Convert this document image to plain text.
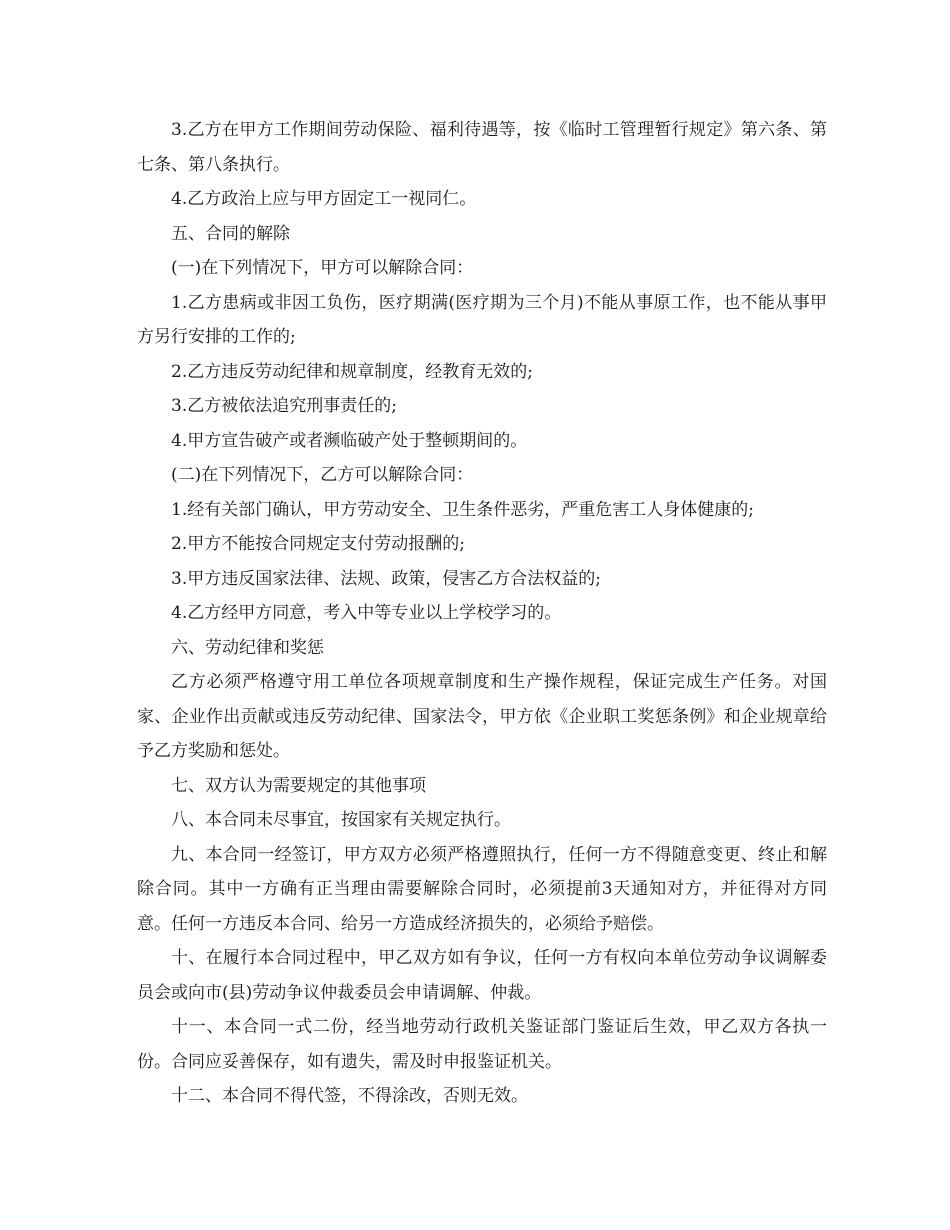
3.乙方在甲方工作期间劳动保险、福利待遇等，按《临时工管理暂行规定》第六条、第七条、第八条执行。

4.乙方政治上应与甲方固定工一视同仁。

五、合同的解除

(一)在下列情况下，甲方可以解除合同：

1.乙方患病或非因工负伤，医疗期满(医疗期为三个月)不能从事原工作，也不能从事甲方另行安排的工作的;

2.乙方违反劳动纪律和规章制度，经教育无效的;

3.乙方被依法追究刑事责任的;

4.甲方宣告破产或者濒临破产处于整顿期间的。

(二)在下列情况下，乙方可以解除合同：

1.经有关部门确认，甲方劳动安全、卫生条件恶劣，严重危害工人身体健康的;

2.甲方不能按合同规定支付劳动报酬的;

3.甲方违反国家法律、法规、政策，侵害乙方合法权益的;

4.乙方经甲方同意，考入中等专业以上学校学习的。

六、劳动纪律和奖惩

乙方必须严格遵守用工单位各项规章制度和生产操作规程，保证完成生产任务。对国家、企业作出贡献或违反劳动纪律、国家法令，甲方依《企业职工奖惩条例》和企业规章给予乙方奖励和惩处。

七、双方认为需要规定的其他事项

八、本合同未尽事宜，按国家有关规定执行。

九、本合同一经签订，甲方双方必须严格遵照执行，任何一方不得随意变更、终止和解除合同。其中一方确有正当理由需要解除合同时，必须提前3天通知对方，并征得对方同意。任何一方违反本合同、给另一方造成经济损失的，必须给予赔偿。

十、在履行本合同过程中，甲乙双方如有争议，任何一方有权向本单位劳动争议调解委员会或向市(县)劳动争议仲裁委员会申请调解、仲裁。

十一、本合同一式二份，经当地劳动行政机关鉴证部门鉴证后生效，甲乙双方各执一份。合同应妥善保存，如有遗失，需及时申报鉴证机关。

十二、本合同不得代签，不得涂改，否则无效。
